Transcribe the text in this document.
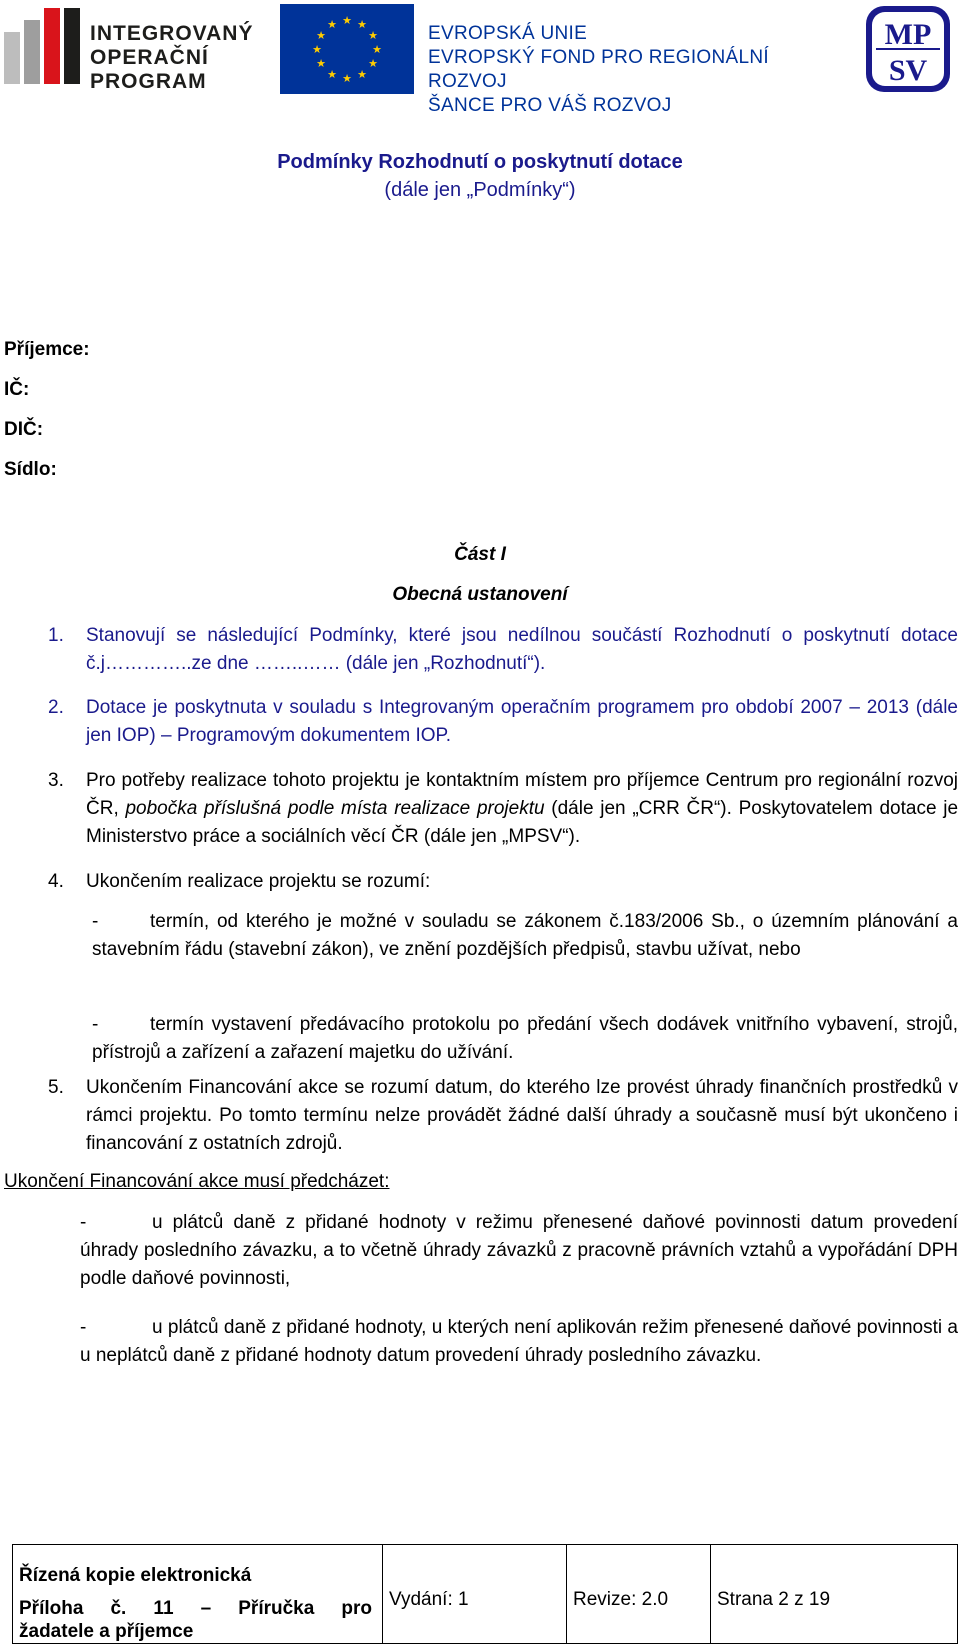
INTEGROVANÝ
OPERAČNÍ
PROGRAM
★ ★
★
★
★
★
★
★
★
★
★
★	EVROPSKÁ UNIE
EVROPSKÝ FOND PRO REGIONÁLNÍ ROZVOJ
ŠANCE PRO VÁŠ ROZVOJ
MP
SV
Podmínky Rozhodnutí o poskytnutí dotace
(dále jen „Podmínky“)
Příjemce:
IČ:
DIČ:
Sídlo:
Část I
Obecná ustanovení
1. Stanovují se následující Podmínky, které jsou nedílnou součástí Rozhodnutí o poskytnutí dotace č.j…………..ze dne ……..…… (dále jen „Rozhodnutí“).
2. Dotace je poskytnuta v souladu s Integrovaným operačním programem pro období 2007 – 2013 (dále jen IOP) – Programovým dokumentem IOP.
3. Pro potřeby realizace tohoto projektu je kontaktním místem pro příjemce Centrum pro regionální rozvoj ČR, pobočka příslušná podle místa realizace projektu (dále jen „CRR ČR“). Poskytovatelem dotace je Ministerstvo práce a sociálních věcí ČR (dále jen „MPSV“).
4. Ukončením realizace projektu se rozumí:
-	termín, od kterého je možné v souladu se zákonem č.183/2006 Sb., o územním plánování a stavebním řádu (stavební zákon), ve znění pozdějších předpisů, stavbu užívat, nebo
-	termín vystavení předávacího protokolu po předání všech dodávek vnitřního vybavení, strojů, přístrojů a zařízení a zařazení majetku do užívání.
5. Ukončením Financování akce se rozumí datum, do kterého lze provést úhrady finančních prostředků v rámci projektu. Po tomto termínu nelze provádět žádné další úhrady a současně musí být ukončeno i financování z ostatních zdrojů.
Ukončení Financování akce musí předcházet:
-	u plátců daně z přidané hodnoty v režimu přenesené daňové povinnosti datum provedení úhrady posledního závazku, a to včetně úhrady závazků z pracovně právních vztahů a vypořádání DPH podle daňové povinnosti,
-	u plátců daně z přidané hodnoty, u kterých není aplikován režim přenesené daňové povinnosti a u neplátců daně z přidané hodnoty datum provedení úhrady posledního závazku.
Řízená kopie elektronická
Příloha č. 11 – Příručka pro
žadatele a příjemce
Vydání: 1	Revize: 2.0	Strana 2 z 19
